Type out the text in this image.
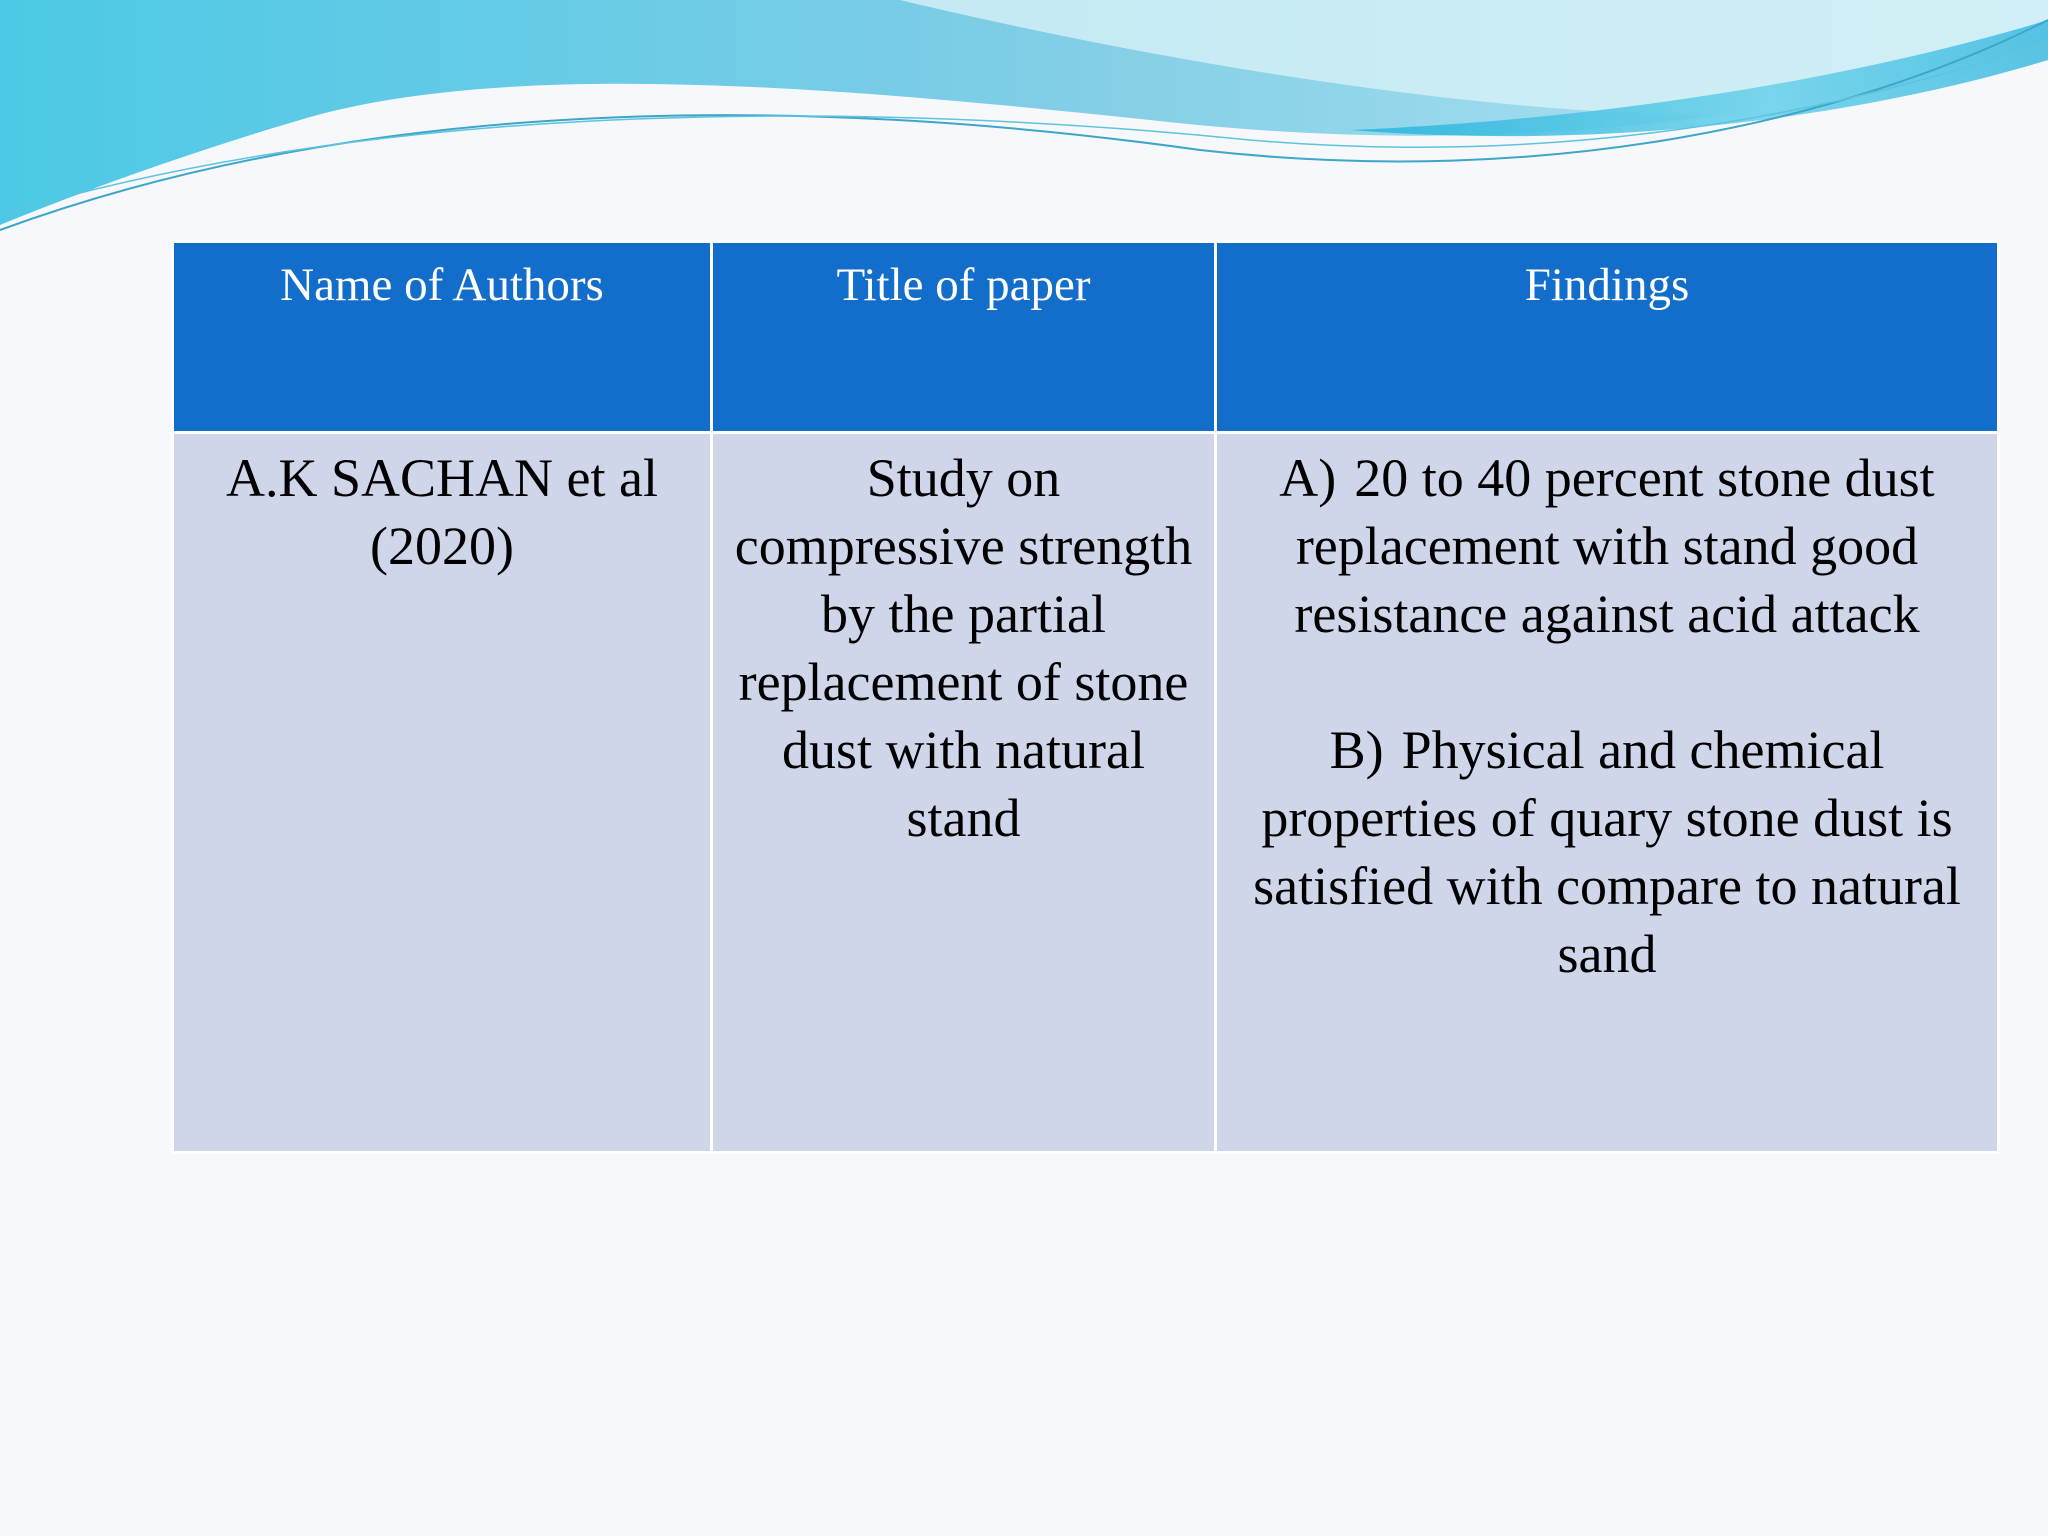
Name of Authors	Title of paper	Findings

A.K SACHAN et al (2020)	Study on compressive strength by the partial replacement of stone dust with natural stand	A) 20 to 40 percent stone dust replacement with stand good resistance against acid attack
B) Physical and chemical properties of quary stone dust is satisfied with compare to natural sand
